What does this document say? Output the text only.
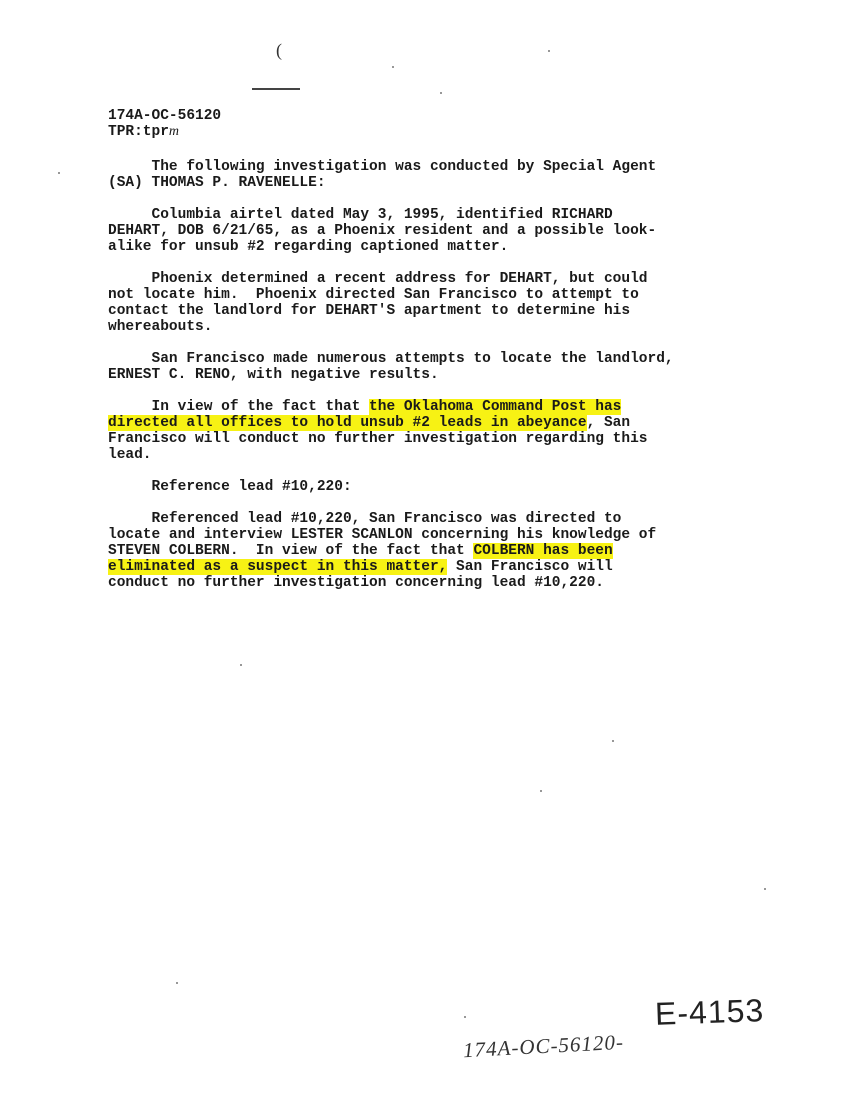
(
174A-OC-56120
TPR:tprm
The following investigation was conducted by Special Agent
(SA) THOMAS P. RAVENELLE:
Columbia airtel dated May 3, 1995, identified RICHARD
DEHART, DOB 6/21/65, as a Phoenix resident and a possible look-
alike for unsub #2 regarding captioned matter.
Phoenix determined a recent address for DEHART, but could
not locate him.  Phoenix directed San Francisco to attempt to
contact the landlord for DEHART'S apartment to determine his
whereabouts.
San Francisco made numerous attempts to locate the landlord,
ERNEST C. RENO, with negative results.
In view of the fact that the Oklahoma Command Post has
directed all offices to hold unsub #2 leads in abeyance, San
Francisco will conduct no further investigation regarding this
lead.
Reference lead #10,220:
Referenced lead #10,220, San Francisco was directed to
locate and interview LESTER SCANLON concerning his knowledge of
STEVEN COLBERN.  In view of the fact that COLBERN has been
eliminated as a suspect in this matter, San Francisco will
conduct no further investigation concerning lead #10,220.
E-4153
174A-OC-56120-
